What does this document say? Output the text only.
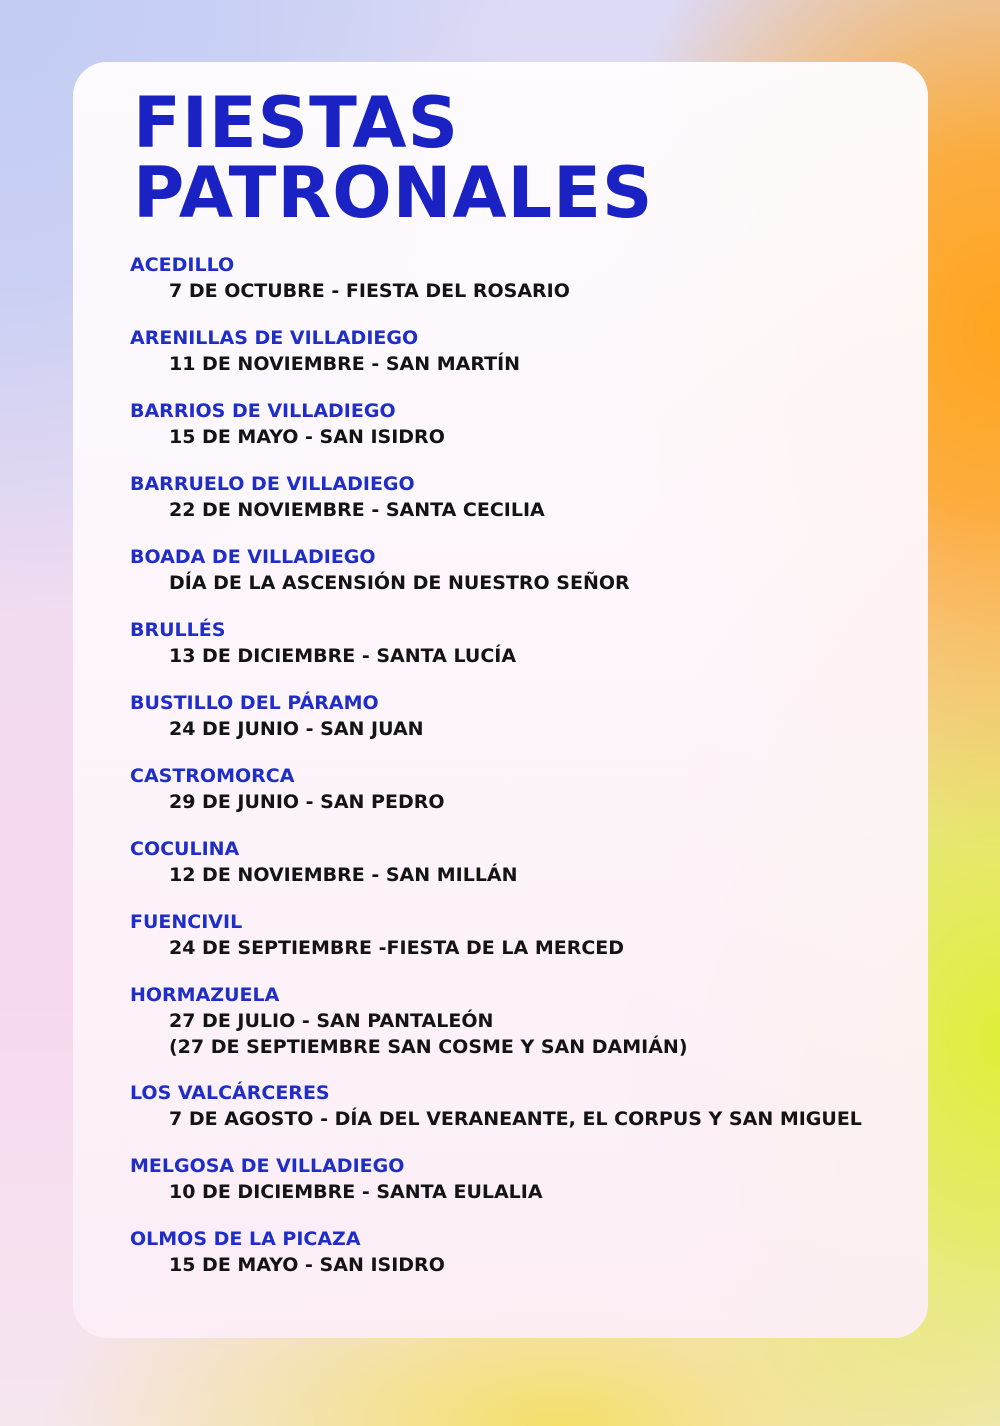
FIESTAS
PATRONALES
ACEDILLO
7 DE OCTUBRE - FIESTA DEL ROSARIO
ARENILLAS DE VILLADIEGO
11 DE NOVIEMBRE - SAN MARTÍN
BARRIOS DE VILLADIEGO
15 DE MAYO - SAN ISIDRO
BARRUELO DE VILLADIEGO
22 DE NOVIEMBRE - SANTA CECILIA
BOADA DE VILLADIEGO
DÍA DE LA ASCENSIÓN DE NUESTRO SEÑOR
BRULLÉS
13 DE DICIEMBRE - SANTA LUCÍA
BUSTILLO DEL PÁRAMO
24 DE JUNIO - SAN JUAN
CASTROMORCA
29 DE JUNIO - SAN PEDRO
COCULINA
12 DE NOVIEMBRE - SAN MILLÁN
FUENCIVIL
24 DE SEPTIEMBRE -FIESTA DE LA MERCED
HORMAZUELA
27 DE JULIO - SAN PANTALEÓN
(27 DE SEPTIEMBRE SAN COSME Y SAN DAMIÁN)
LOS VALCÁRCERES
7 DE AGOSTO - DÍA DEL VERANEANTE, EL CORPUS Y SAN MIGUEL
MELGOSA DE VILLADIEGO
10 DE DICIEMBRE - SANTA EULALIA
OLMOS DE LA PICAZA
15 DE MAYO - SAN ISIDRO
